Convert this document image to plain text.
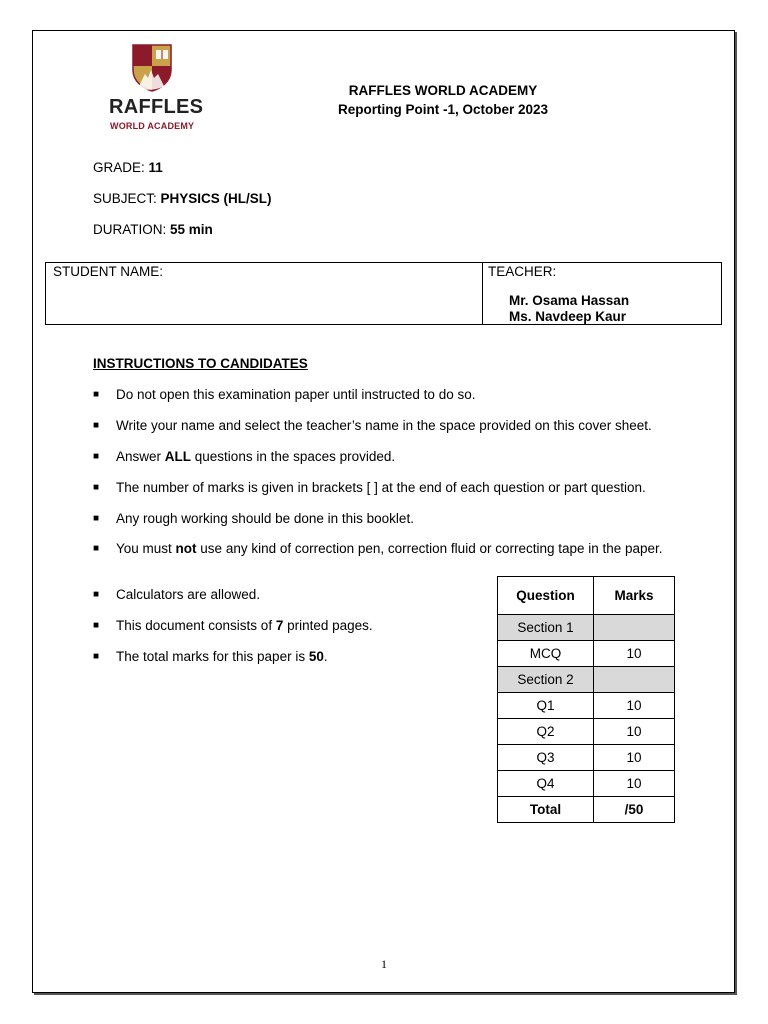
RAFFLES
WORLD ACADEMY
RAFFLES WORLD ACADEMY
Reporting Point -1, October 2023
GRADE: 11
SUBJECT: PHYSICS (HL/SL)
DURATION: 55 min
STUDENT NAME:	TEACHER:
Mr. Osama Hassan
Ms. Navdeep Kaur
INSTRUCTIONS TO CANDIDATES
■ Do not open this examination paper until instructed to do so.
■ Write your name and select the teacher’s name in the space provided on this cover sheet.
■ Answer ALL questions in the spaces provided.
■ The number of marks is given in brackets [ ] at the end of each question or part question.
■ Any rough working should be done in this booklet.
■ You must not use any kind of correction pen, correction fluid or correcting tape in the paper.
■ Calculators are allowed.
■ This document consists of 7 printed pages.
■ The total marks for this paper is 50.
Question	Marks
Section 1	
MCQ	10
Section 2	
Q1	10
Q2	10
Q3	10
Q4	10
Total	/50
1
